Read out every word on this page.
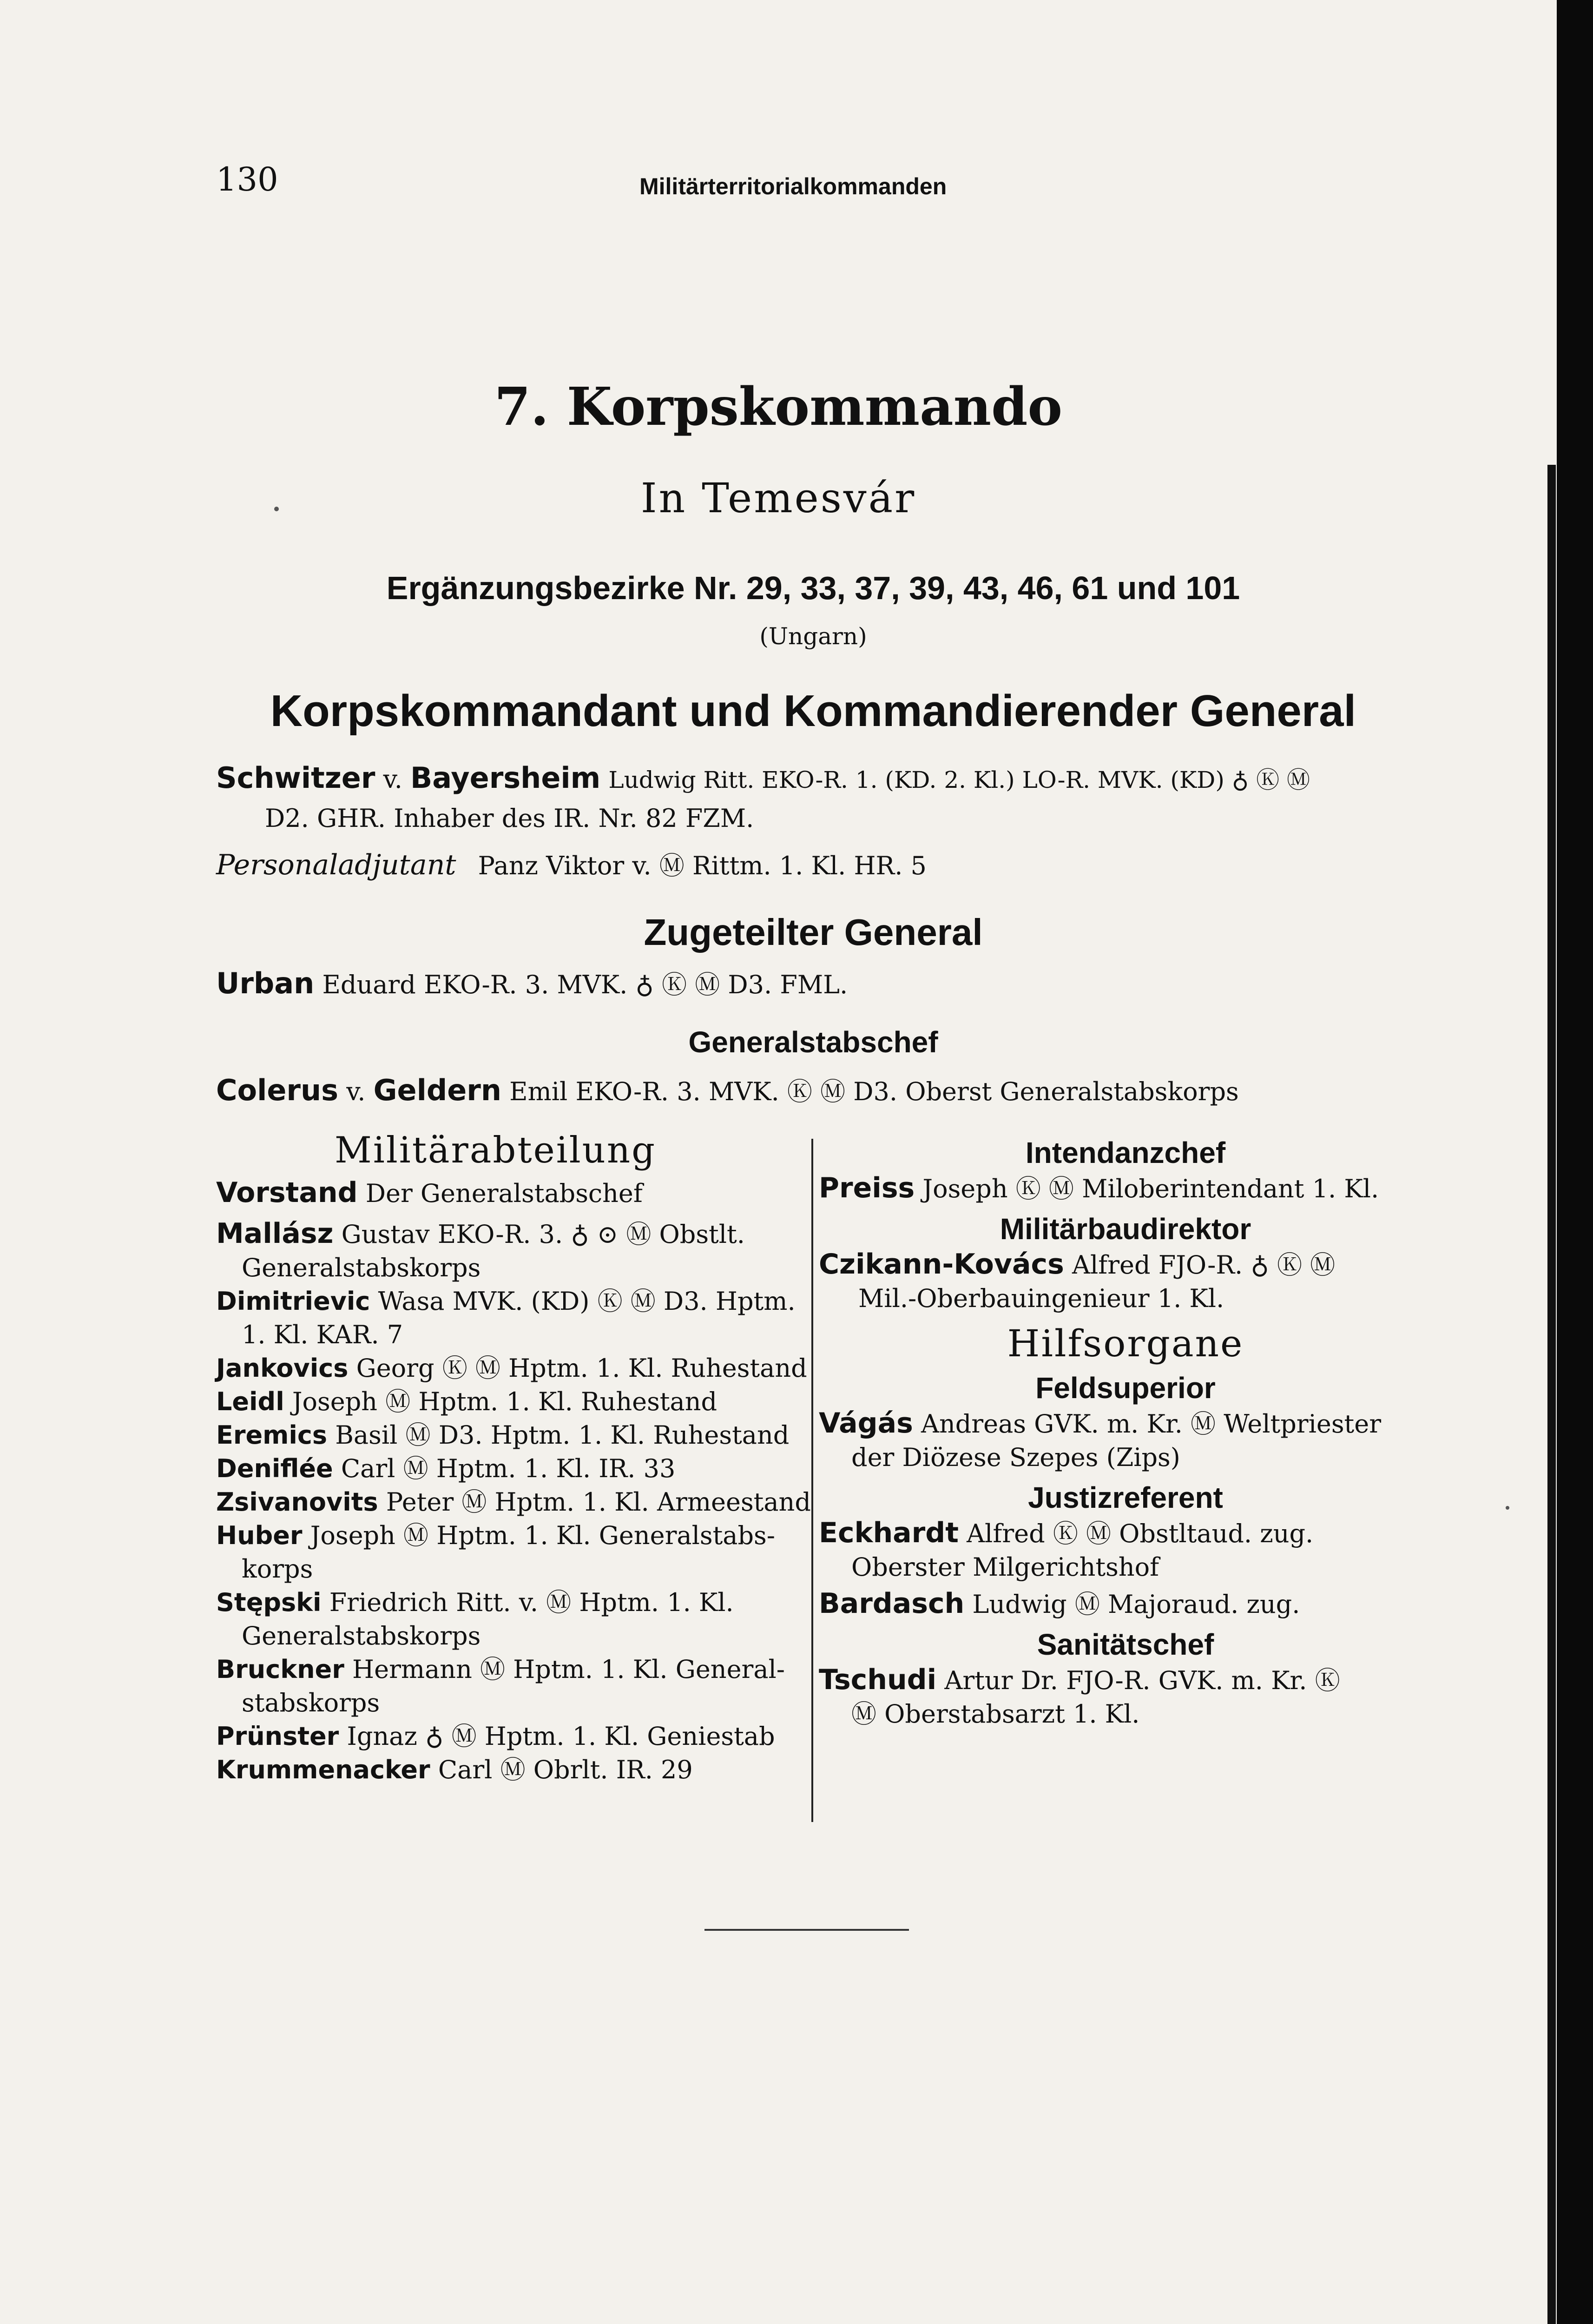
130	Militärterritorialkommanden
7. Korpskommando
In Temesvár
Ergänzungsbezirke Nr. 29, 33, 37, 39, 43, 46, 61 und 101
(Ungarn)
Korpskommandant und Kommandierender General
Schwitzer v. Bayersheim Ludwig Ritt. EKO-R. 1. (KD. 2. Kl.) LO-R. MVK. (KD) ♁ Ⓚ Ⓜ
D2. GHR. Inhaber des IR. Nr. 82 FZM.
Personaladjutant Panz Viktor v. Ⓜ Rittm. 1. Kl. HR. 5
Zugeteilter General
Urban Eduard EKO-R. 3. MVK. ♁ Ⓚ Ⓜ D3. FML.
Generalstabschef
Colerus v. Geldern Emil EKO-R. 3. MVK. Ⓚ Ⓜ D3. Oberst Generalstabskorps
Militärabteilung
Vorstand Der Generalstabschef
Mallász Gustav EKO-R. 3. ♁ ⊙ Ⓜ Obstlt.
Generalstabskorps
Dimitrievic Wasa MVK. (KD) Ⓚ Ⓜ D3. Hptm.
1. Kl. KAR. 7
Jankovics Georg Ⓚ Ⓜ Hptm. 1. Kl. Ruhestand
Leidl Joseph Ⓜ Hptm. 1. Kl. Ruhestand
Eremics Basil Ⓜ D3. Hptm. 1. Kl. Ruhestand
Deniflée Carl Ⓜ Hptm. 1. Kl. IR. 33
Zsivanovits Peter Ⓜ Hptm. 1. Kl. Armeestand
Huber Joseph Ⓜ Hptm. 1. Kl. Generalstabs-
korps
Stępski Friedrich Ritt. v. Ⓜ Hptm. 1. Kl.
Generalstabskorps
Bruckner Hermann Ⓜ Hptm. 1. Kl. General-
stabskorps
Prünster Ignaz ♁ Ⓜ Hptm. 1. Kl. Geniestab
Krummenacker Carl Ⓜ Obrlt. IR. 29
Intendanzchef
Preiss Joseph Ⓚ Ⓜ Miloberintendant 1. Kl.
Militärbaudirektor
Czikann-Kovács Alfred FJO-R. ♁ Ⓚ Ⓜ
Mil.-Oberbauingenieur 1. Kl.
Hilfsorgane
Feldsuperior
Vágás Andreas GVK. m. Kr. Ⓜ Weltpriester
der Diözese Szepes (Zips)
Justizreferent
Eckhardt Alfred Ⓚ Ⓜ Obstltaud. zug.
Oberster Milgerichtshof
Bardasch Ludwig Ⓜ Majoraud. zug.
Sanitätschef
Tschudi Artur Dr. FJO-R. GVK. m. Kr. Ⓚ
Ⓜ Oberstabsarzt 1. Kl.
